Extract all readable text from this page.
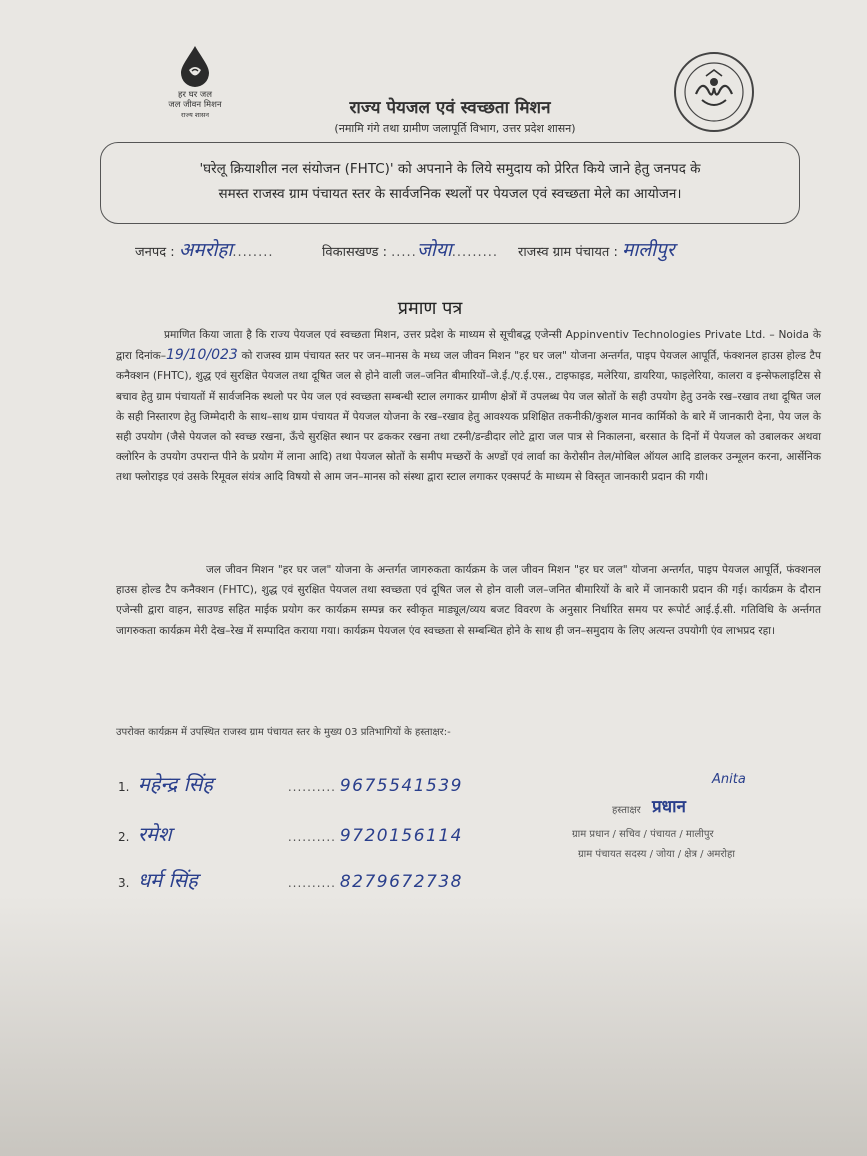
हर घर जल
जल जीवन मिशन
राज्य शासन	राज्य पेयजल एवं स्वच्छता मिशन
(नमामि गंगे तथा ग्रामीण जलापूर्ति विभाग, उत्तर प्रदेश शासन)
'घरेलू क्रियाशील नल संयोजन (FHTC)' को अपनाने के लिये समुदाय को प्रेरित किये जाने हेतु जनपद के
समस्त राजस्व ग्राम पंचायत स्तर के सार्वजनिक स्थलों पर पेयजल एवं स्वच्छता मेले का आयोजन।
जनपद : अमरोहा........	विकासखण्ड : .....जोया......... राजस्व ग्राम पंचायत : मालीपुर
प्रमाण पत्र

प्रमाणित किया जाता है कि राज्य पेयजल एवं स्वच्छता मिशन, उत्तर प्रदेश के माध्यम से सूचीबद्ध एजेन्सी Appinventiv Technologies Private Ltd. – Noida के द्वारा दिनांक–19/10/023 को राजस्व ग्राम पंचायत स्तर पर जन–मानस के मध्य जल जीवन मिशन "हर घर जल" योजना अन्तर्गत, पाइप पेयजल आपूर्ति, फंक्शनल हाउस होल्ड टैप कनैक्शन (FHTC), शुद्ध एवं सुरक्षित पेयजल तथा दूषित जल से होने वाली जल–जनित बीमारियों–जे.ई./ए.ई.एस., टाइफाइड, मलेरिया, डायरिया, फाइलेरिया, कालरा व इन्सेफलाइटिस से बचाव हेतु ग्राम पंचायतों में सार्वजनिक स्थलो पर पेय जल एवं स्वच्छता सम्बन्धी स्टाल लगाकर ग्रामीण क्षेत्रों में उपलब्ध पेय जल स्रोतों के सही उपयोग हेतु उनके रख–रखाव तथा दूषित जल के सही निस्तारण हेतु जिम्मेदारी के साथ–साथ ग्राम पंचायत में पेयजल योजना के रख–रखाव हेतु आवश्यक प्रशिक्षित तकनीकी/कुशल मानव कार्मिको के बारे में जानकारी देना, पेय जल के सही उपयोग (जैसे पेयजल को स्वच्छ रखना, ऊँचे सुरक्षित स्थान पर ढककर रखना तथा टस्नी/डन्डीदार लोटे द्वारा जल पात्र से निकालना, बरसात के दिनों में पेयजल को उबालकर अथवा क्लोरिन के उपयोग उपरान्त पीने के प्रयोग में लाना आदि) तथा पेयजल स्रोतों के समीप मच्छरों के अण्डों एवं लार्वा का केरोसीन तेल/मोबिल ऑयल आदि डालकर उन्मूलन करना, आर्सेनिक तथा फ्लोराइड एवं उसके रिमूवल संयंत्र आदि विषयो से आम जन–मानस को संस्था द्वारा स्टाल लगाकर एक्सपर्ट के माध्यम से विस्तृत जानकारी प्रदान की गयी।

जल जीवन मिशन "हर घर जल" योजना के अन्तर्गत जागरुकता कार्यक्रम के जल जीवन मिशन "हर घर जल" योजना अन्तर्गत, पाइप पेयजल आपूर्ति, फंक्शनल हाउस होल्ड टैप कनैक्शन (FHTC), शुद्ध एवं सुरक्षित पेयजल तथा स्वच्छता एवं दूषित जल से होन वाली जल–जनित बीमारियों के बारे में जानकारी प्रदान की गई। कार्यक्रम के दौरान एजेन्सी द्वारा वाहन, साउण्ड सहित माईक प्रयोग कर कार्यक्रम सम्पन्न कर स्वीकृत माड्यूल/व्यय बजट विवरण के अनुसार निर्धारित समय पर रूपोर्ट आई.ई.सी. गतिविधि के अर्न्तगत जागरुकता कार्यक्रम मेरी देख–रेख में सम्पादित कराया गया। कार्यक्रम पेयजल एंव स्वच्छता से सम्बन्धित होने के साथ ही जन–समुदाय के लिए अत्यन्त उपयोगी एंव लाभप्रद रहा।

उपरोक्त कार्यक्रम में उपस्थित राजस्व ग्राम पंचायत स्तर के मुख्य 03 प्रतिभागियों के हस्ताक्षर:-

1. महेन्द्र सिंह	.......... 9675541539
2. रमेश	.......... 9720156114
3. धर्म सिंह	.......... 8279672738
Anita
हस्ताक्षर प्रधान
ग्राम प्रधान / सचिव / पंचायत / मालीपुर
ग्राम पंचायत सदस्य / जोया / क्षेत्र / अमरोहा
